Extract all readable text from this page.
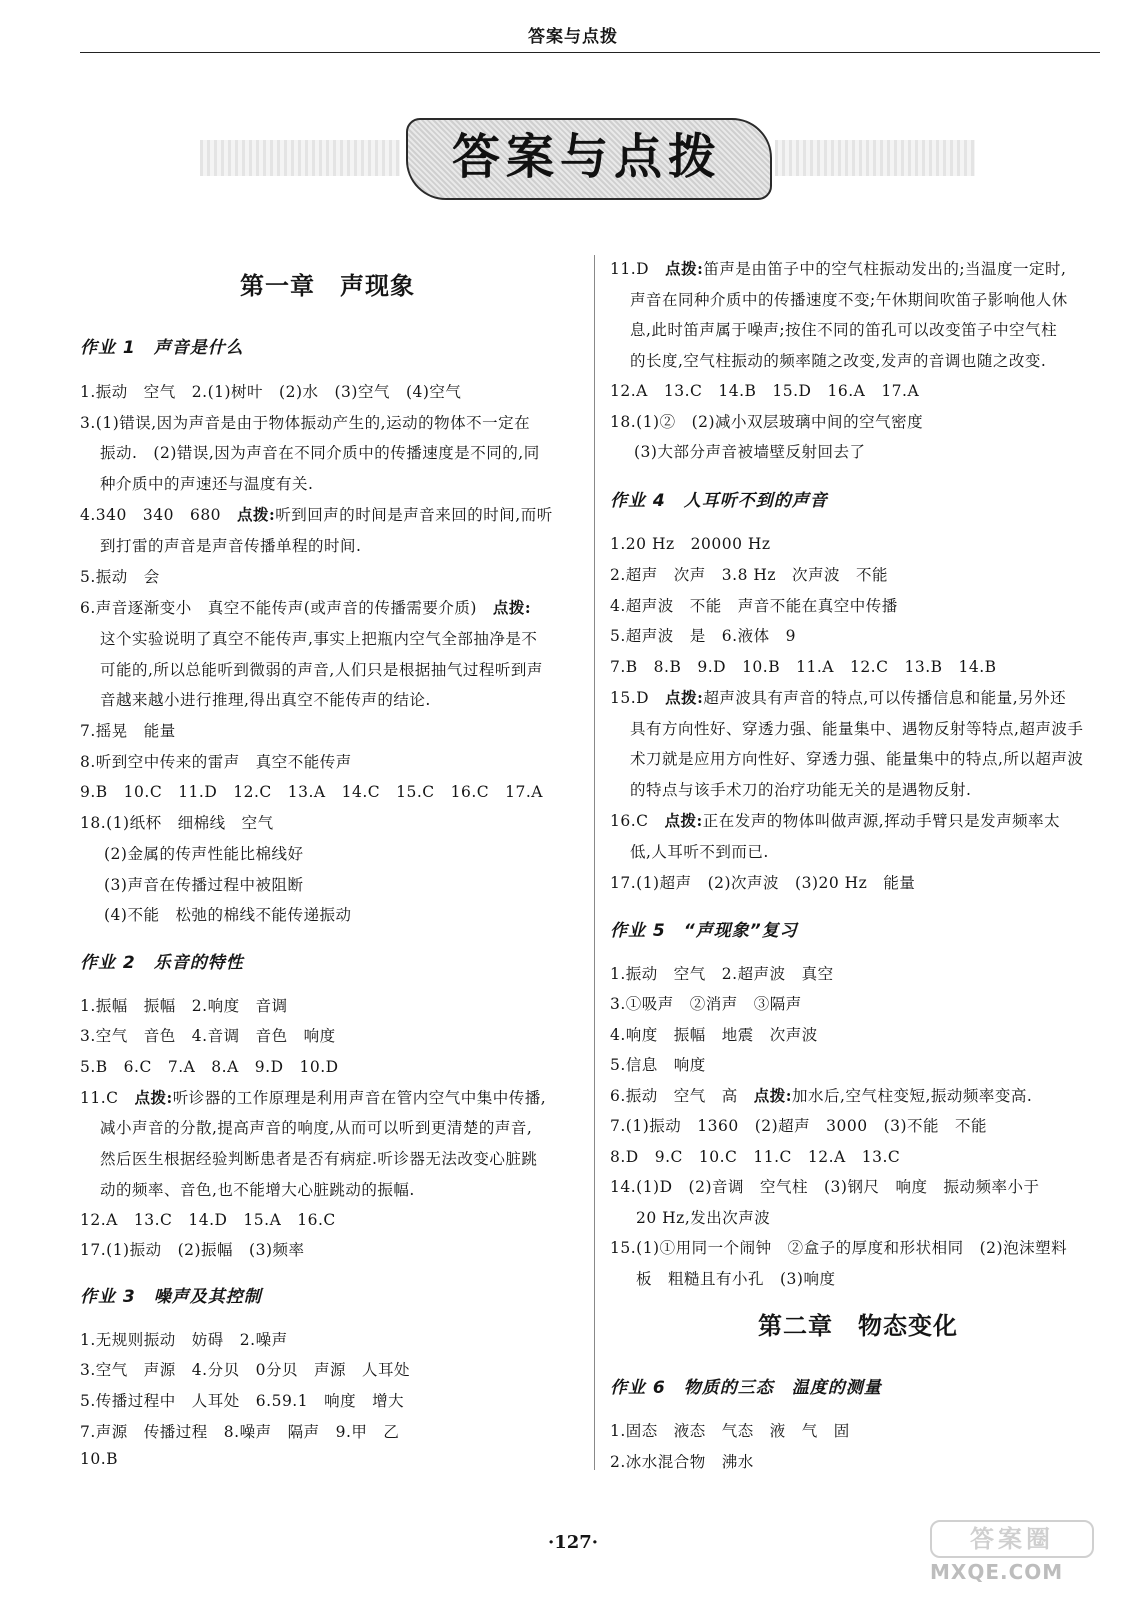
答案与点拨
答案与点拨
第一章　声现象
作业 1　声音是什么
1.振动　空气　2.(1)树叶　(2)水　(3)空气　(4)空气
3.(1)错误,因为声音是由于物体振动产生的,运动的物体不一定在
振动.　(2)错误,因为声音在不同介质中的传播速度是不同的,同
种介质中的声速还与温度有关.
4.340　340　680　点拨:听到回声的时间是声音来回的时间,而听
到打雷的声音是声音传播单程的时间.
5.振动　会
6.声音逐渐变小　真空不能传声(或声音的传播需要介质)　点拨:
这个实验说明了真空不能传声,事实上把瓶内空气全部抽净是不
可能的,所以总能听到微弱的声音,人们只是根据抽气过程听到声
音越来越小进行推理,得出真空不能传声的结论.
7.摇晃　能量
8.听到空中传来的雷声　真空不能传声
9.B　10.C　11.D　12.C　13.A　14.C　15.C　16.C　17.A
18.(1)纸杯　细棉线　空气
(2)金属的传声性能比棉线好
(3)声音在传播过程中被阻断
(4)不能　松弛的棉线不能传递振动
作业 2　乐音的特性
1.振幅　振幅　2.响度　音调
3.空气　音色　4.音调　音色　响度
5.B　6.C　7.A　8.A　9.D　10.D
11.C　点拨:听诊器的工作原理是利用声音在管内空气中集中传播,
减小声音的分散,提高声音的响度,从而可以听到更清楚的声音,
然后医生根据经验判断患者是否有病症.听诊器无法改变心脏跳
动的频率、音色,也不能增大心脏跳动的振幅.
12.A　13.C　14.D　15.A　16.C
17.(1)振动　(2)振幅　(3)频率
作业 3　噪声及其控制
1.无规则振动　妨碍　2.噪声
3.空气　声源　4.分贝　0分贝　声源　人耳处
5.传播过程中　人耳处　6.59.1　响度　增大
7.声源　传播过程　8.噪声　隔声　9.甲　乙
10.B
11.D　点拨:笛声是由笛子中的空气柱振动发出的;当温度一定时,
声音在同种介质中的传播速度不变;午休期间吹笛子影响他人休
息,此时笛声属于噪声;按住不同的笛孔可以改变笛子中空气柱
的长度,空气柱振动的频率随之改变,发声的音调也随之改变.
12.A　13.C　14.B　15.D　16.A　17.A
18.(1)②　(2)减小双层玻璃中间的空气密度
(3)大部分声音被墙壁反射回去了
作业 4　人耳听不到的声音
1.20 Hz　20000 Hz
2.超声　次声　3.8 Hz　次声波　不能
4.超声波　不能　声音不能在真空中传播
5.超声波　是　6.液体　9
7.B　8.B　9.D　10.B　11.A　12.C　13.B　14.B
15.D　点拨:超声波具有声音的特点,可以传播信息和能量,另外还
具有方向性好、穿透力强、能量集中、遇物反射等特点,超声波手
术刀就是应用方向性好、穿透力强、能量集中的特点,所以超声波
的特点与该手术刀的治疗功能无关的是遇物反射.
16.C　点拨:正在发声的物体叫做声源,挥动手臂只是发声频率太
低,人耳听不到而已.
17.(1)超声　(2)次声波　(3)20 Hz　能量
作业 5　“声现象”复习
1.振动　空气　2.超声波　真空
3.①吸声　②消声　③隔声
4.响度　振幅　地震　次声波
5.信息　响度
6.振动　空气　高　点拨:加水后,空气柱变短,振动频率变高.
7.(1)振动　1360　(2)超声　3000　(3)不能　不能
8.D　9.C　10.C　11.C　12.A　13.C
14.(1)D　(2)音调　空气柱　(3)钢尺　响度　振动频率小于
20 Hz,发出次声波
15.(1)①用同一个闹钟　②盒子的厚度和形状相同　(2)泡沫塑料
板　粗糙且有小孔　(3)响度
第二章　物态变化
作业 6　物质的三态　温度的测量
1.固态　液态　气态　液　气　固
2.冰水混合物　沸水
·127·	答案圈
MXQE.COM
